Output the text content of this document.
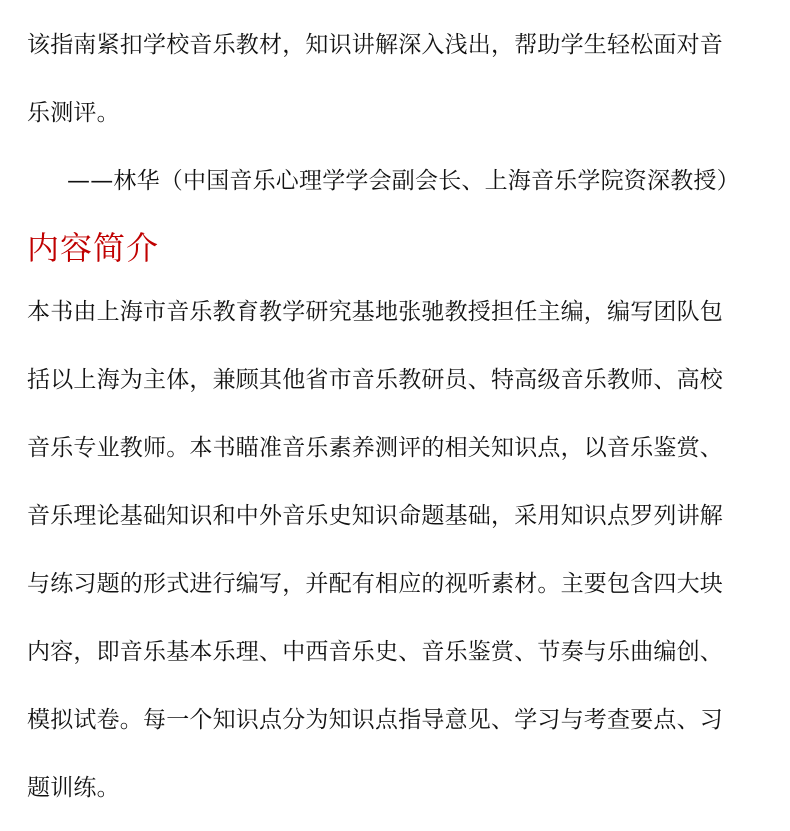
该指南紧扣学校音乐教材，知识讲解深入浅出，帮助学生轻松面对音
乐测评。
——林华（中国音乐心理学学会副会长、上海音乐学院资深教授）
内容简介
本书由上海市音乐教育教学研究基地张驰教授担任主编，编写团队包
括以上海为主体，兼顾其他省市音乐教研员、特高级音乐教师、高校
音乐专业教师。本书瞄准音乐素养测评的相关知识点，以音乐鉴赏、
音乐理论基础知识和中外音乐史知识命题基础，采用知识点罗列讲解
与练习题的形式进行编写，并配有相应的视听素材。主要包含四大块
内容，即音乐基本乐理、中西音乐史、音乐鉴赏、节奏与乐曲编创、
模拟试卷。每一个知识点分为知识点指导意见、学习与考查要点、习
题训练。
